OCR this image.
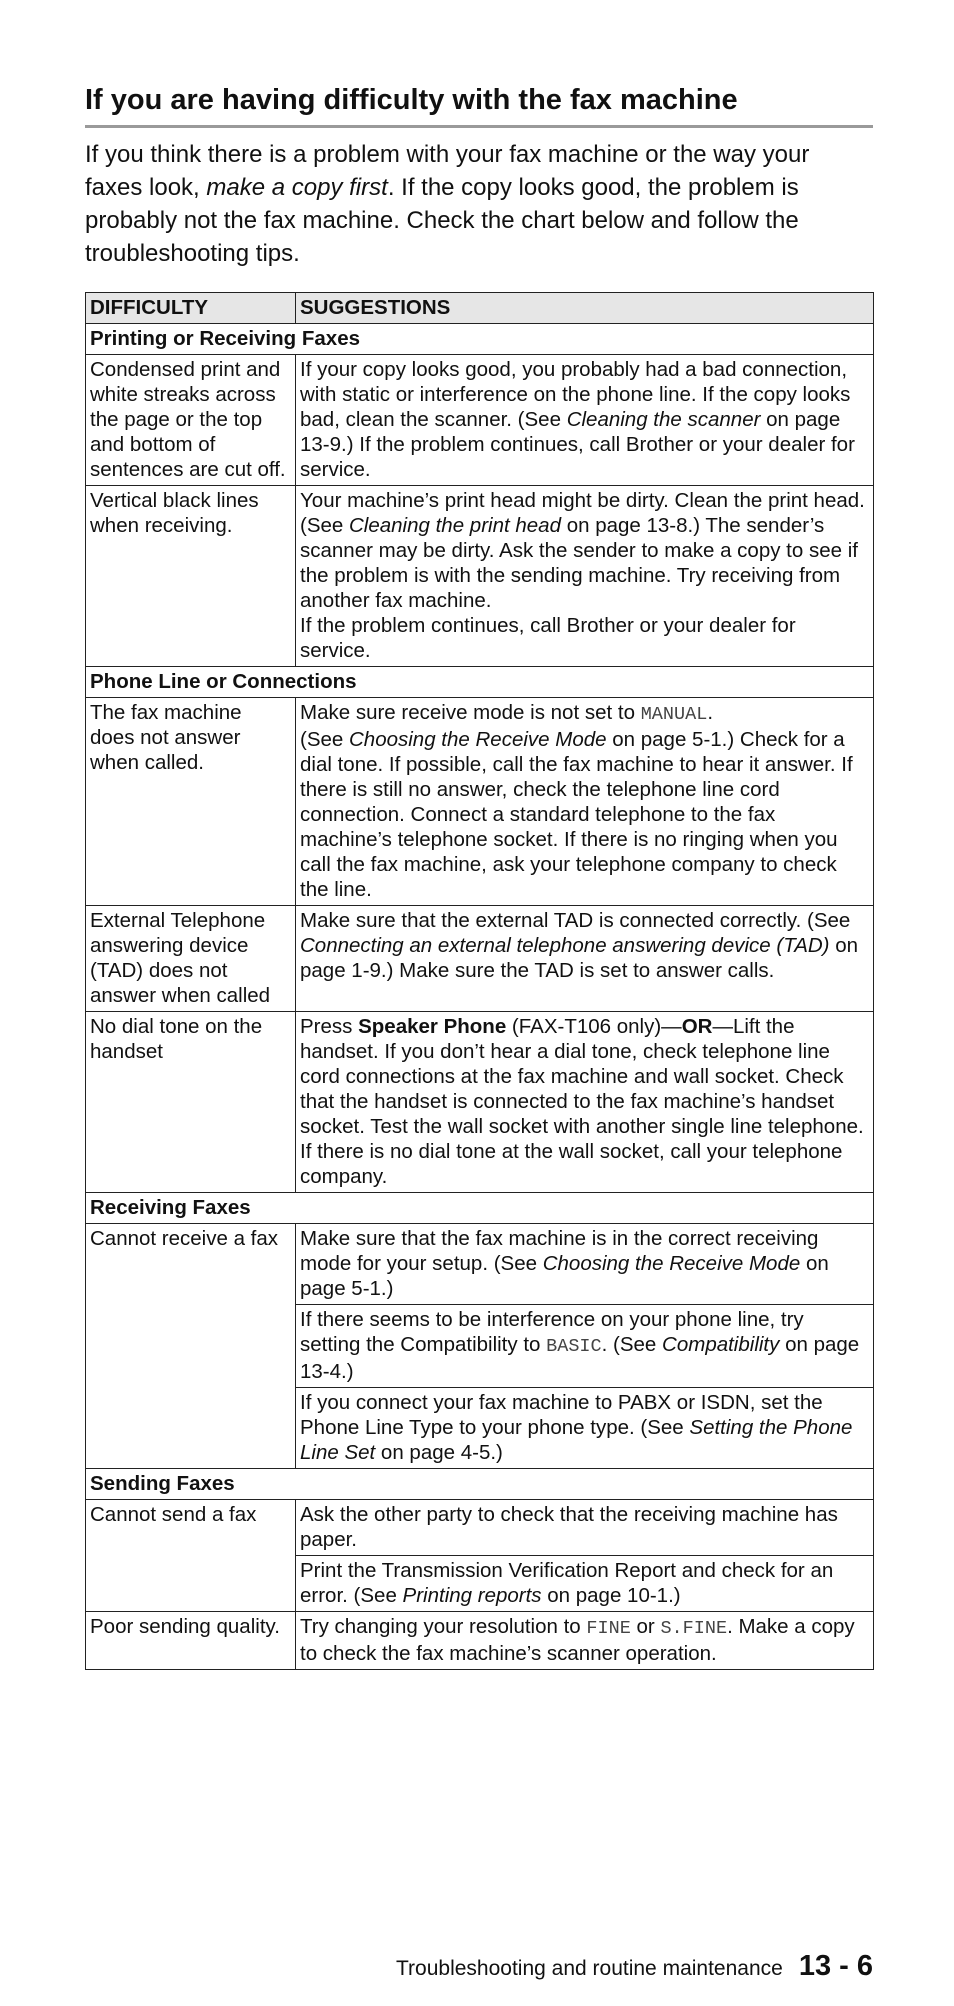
If you are having difficulty with the fax machine

If you think there is a problem with your fax machine or the way your faxes look, make a copy first. If the copy looks good, the problem is probably not the fax machine. Check the chart below and follow the troubleshooting tips.

DIFFICULTY	SUGGESTIONS
Printing or Receiving Faxes	
Condensed print and white streaks across the page or the top and bottom of sentences are cut off.	If your copy looks good, you probably had a bad connection, with static or interference on the phone line. If the copy looks bad, clean the scanner. (See Cleaning the scanner on page 13-9.) If the problem continues, call Brother or your dealer for service.
Vertical black lines when receiving.	Your machine’s print head might be dirty. Clean the print head. (See Cleaning the print head on page 13-8.) The sender’s scanner may be dirty. Ask the sender to make a copy to see if the problem is with the sending machine. Try receiving from another fax machine.
If the problem continues, call Brother or your dealer for service.
Phone Line or Connections	
The fax machine does not answer when called.	Make sure receive mode is not set to MANUAL.
(See Choosing the Receive Mode on page 5-1.) Check for a dial tone. If possible, call the fax machine to hear it answer. If there is still no answer, check the telephone line cord connection. Connect a standard telephone to the fax machine’s telephone socket. If there is no ringing when you call the fax machine, ask your telephone company to check the line.
External Telephone answering device (TAD) does not answer when called	Make sure that the external TAD is connected correctly. (See Connecting an external telephone answering device (TAD) on page 1-9.) Make sure the TAD is set to answer calls.
No dial tone on the handset	Press Speaker Phone (FAX-T106 only)—OR—Lift the handset. If you don’t hear a dial tone, check telephone line cord connections at the fax machine and wall socket. Check that the handset is connected to the fax machine’s handset socket. Test the wall socket with another single line telephone. If there is no dial tone at the wall socket, call your telephone company.
Receiving Faxes	
Cannot receive a fax	Make sure that the fax machine is in the correct receiving mode for your setup. (See Choosing the Receive Mode on page 5-1.)
	If there seems to be interference on your phone line, try setting the Compatibility to BASIC. (See Compatibility on page 13-4.)
	If you connect your fax machine to PABX or ISDN, set the Phone Line Type to your phone type. (See Setting the Phone Line Set on page 4-5.)
Sending Faxes	
Cannot send a fax	Ask the other party to check that the receiving machine has paper.
	Print the Transmission Verification Report and check for an error. (See Printing reports on page 10-1.)
Poor sending quality.	Try changing your resolution to FINE or S.FINE. Make a copy to check the fax machine’s scanner operation.
Troubleshooting and routine maintenance 13 - 6
